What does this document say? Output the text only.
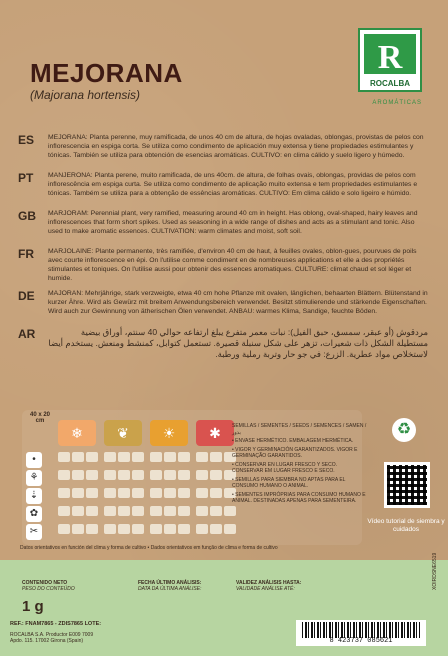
MEJORANA
(Majorana hortensis)
R
ROCALBA
AROMÁTICAS
ES	MEJORANA: Planta perenne, muy ramificada, de unos 40 cm de altura, de hojas ovaladas, oblongas, provistas de pelos con inflorescencia en espiga corta. Se utiliza como condimento de aplicación muy extensa y tiene propiedades estimulantes y tónicas. También se utiliza para obtención de esencias aromáticas. CULTIVO: en clima cálido y suelo ligero y húmedo.
PT	MANJERONA: Planta perene, muito ramificada, de uns 40cm. de altura, de folhas ovais, oblongas, providas de pelos com inflorescência em espiga curta. Se utiliza como condimento de aplicação muito extensa e tem propriedades estimulantes e tónicas. Também se utiliza para a obtenção de essências aromáticas. CULTIVO: Em clima cálido e solo ligeiro e húmido.
GB	MARJORAM: Perennial plant, very ramified, measuring around 40 cm in height. Has oblong, oval-shaped, hairy leaves and inflorescences that form short spikes. Used as seasoning in a wide range of dishes and acts as a stimulant and tonic. Also used to make aromatic essences. CULTIVATION: warm climates and moist, soft soil.
FR	MARJOLAINE: Plante permanente, très ramifiée, d'environ 40 cm de haut, à feuilles ovales, oblon-gues, pourvues de poils avec courte inflorescence en épi. On l'utilise comme condiment en de nombreuses applications et elle a des propriétés stimulantes et toniques. On l'utilise aussi pour obtenir des essences aromatiques. CULTURE: climat chaud et sol léger et humide.
DE	MAJORAN: Mehrjährige, stark verzweigte, etwa 40 cm hohe Pflanze mit ovalen, länglichen, behaarten Blättern. Blütenstand in kurzer Ähre. Wird als Gewürz mit breitem Anwendungsbereich verwendet. Besitzt stimulierende und stärkende Eigenschaften. Wird auch zur Gewinnung von ätherischen Ölen verwendet. ANBAU: warmes Klima, Sandige, feuchte Böden.
AR	مردقوش (أو عبقر، سمسق، حبق الفيل): نبات معمر متفرع يبلغ ارتفاعه حوالي 40 سنتم، أوراق بيضية مستطيلة الشكل ذات شعيرات، تزهر على شكل سنبلة قصيرة. تستعمل كتوابل، كمنشط ومنعش. يستخدم أيضا لاستخلاص مواد عطرية. الزرع: في جو حار وتربة رملية ورطبة.
40 x 20 cm
❄	❦	☀	✱
•
⚘
⇣
✿
✂

SEMILLAS / SEMENTES / SEEDS / SEMENCES / SAMEN / بذور

• ENVASE HERMÉTICO. EMBALAGEM HERMÉTICA.

• VIGOR Y GERMINACIÓN GARANTIZADOS. VIGOR E GERMINAÇÃO GARANTIDOS.

• CONSERVAR EN LUGAR FRESCO Y SECO. CONSERVAR EM LUGAR FRESCO E SECO.

• SEMILLAS PARA SIEMBRA NO APTAS PARA EL CONSUMO HUMANO O ANIMAL.

• SEMENTES IMPRÓPRIAS PARA CONSUMO HUMANO E ANIMAL. DESTINADAS APENAS PARA SEMENTEIRA.

♻
Vídeo tutorial de siembra y cuidados
Datos orientativos en función del clima y forma de cultivo • Dados orientativos em função de clima e forma de cultivo
CONTENIDO NETO
PESO DO CONTEÚDO
1 g
FECHA ÚLTIMO ANÁLISIS:
DATA DA ÚLTIMA ANÁLISE:
VALIDEZ ANÁLISIS HASTA:
VALIDADE ANÁLISE ATÉ:
REF.: FNAM7865 - ZDIS7865 LOTE:
ROCALBA S.A. Productor E009 7009
Apdo. 115. 17002 Girona (Spain)	8 423737 085621
XOIRDSNE6519
